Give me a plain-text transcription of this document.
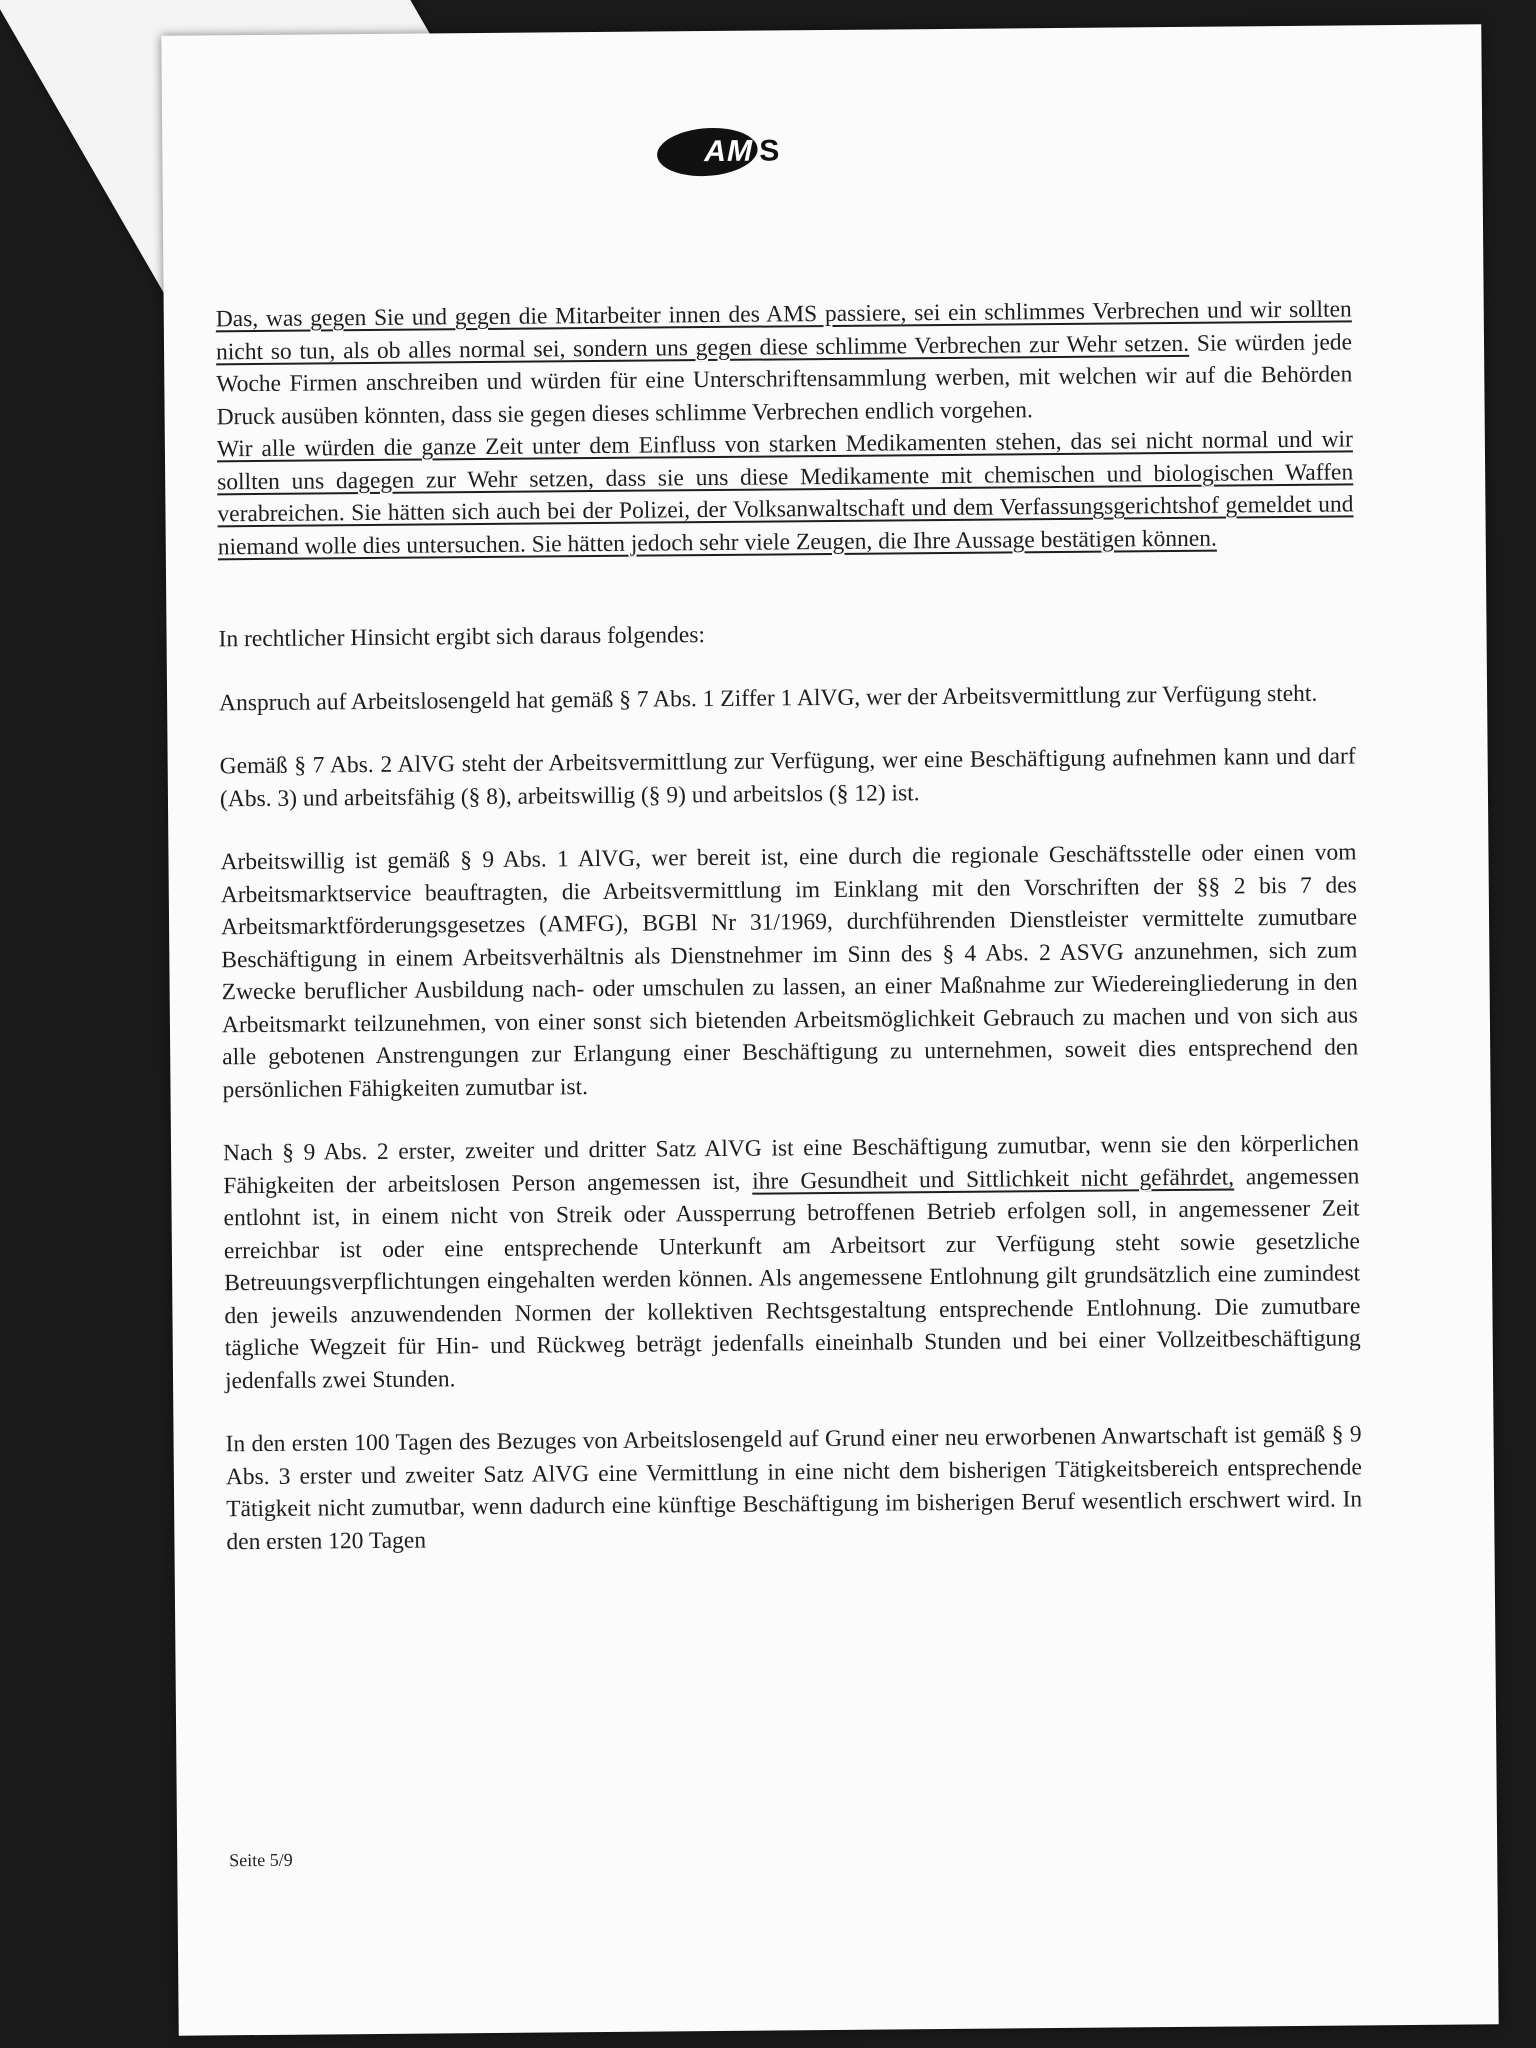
AM S

Das, was gegen Sie und gegen die Mitarbeiter innen des AMS passiere, sei ein schlimmes Verbrechen und wir sollten nicht so tun, als ob alles normal sei, sondern uns gegen diese schlimme Verbrechen zur Wehr setzen. Sie würden jede Woche Firmen anschreiben und würden für eine Unterschriftensammlung werben, mit welchen wir auf die Behörden Druck ausüben könnten, dass sie gegen dieses schlimme Verbrechen endlich vorgehen.

Wir alle würden die ganze Zeit unter dem Einfluss von starken Medikamenten stehen, das sei nicht normal und wir sollten uns dagegen zur Wehr setzen, dass sie uns diese Medikamente mit chemischen und biologischen Waffen verabreichen. Sie hätten sich auch bei der Polizei, der Volksanwaltschaft und dem Verfassungsgerichtshof gemeldet und niemand wolle dies untersuchen. Sie hätten jedoch sehr viele Zeugen, die Ihre Aussage bestätigen können.

In rechtlicher Hinsicht ergibt sich daraus folgendes:

Anspruch auf Arbeitslosengeld hat gemäß § 7 Abs. 1 Ziffer 1 AlVG, wer der Arbeitsvermittlung zur Verfügung steht.

Gemäß § 7 Abs. 2 AlVG steht der Arbeitsvermittlung zur Verfügung, wer eine Beschäftigung aufnehmen kann und darf (Abs. 3) und arbeitsfähig (§ 8), arbeitswillig (§ 9) und arbeitslos (§ 12) ist.

Arbeitswillig ist gemäß § 9 Abs. 1 AlVG, wer bereit ist, eine durch die regionale Geschäftsstelle oder einen vom Arbeitsmarktservice beauftragten, die Arbeitsvermittlung im Einklang mit den Vorschriften der §§ 2 bis 7 des Arbeitsmarktförderungsgesetzes (AMFG), BGBl Nr 31/1969, durchführenden Dienstleister vermittelte zumutbare Beschäftigung in einem Arbeitsverhältnis als Dienstnehmer im Sinn des § 4 Abs. 2 ASVG anzunehmen, sich zum Zwecke beruflicher Ausbildung nach- oder umschulen zu lassen, an einer Maßnahme zur Wiedereingliederung in den Arbeitsmarkt teilzunehmen, von einer sonst sich bietenden Arbeitsmöglichkeit Gebrauch zu machen und von sich aus alle gebotenen Anstrengungen zur Erlangung einer Beschäftigung zu unternehmen, soweit dies entsprechend den persönlichen Fähigkeiten zumutbar ist.

Nach § 9 Abs. 2 erster, zweiter und dritter Satz AlVG ist eine Beschäftigung zumutbar, wenn sie den körperlichen Fähigkeiten der arbeitslosen Person angemessen ist, ihre Gesundheit und Sittlichkeit nicht gefährdet, angemessen entlohnt ist, in einem nicht von Streik oder Aussperrung betroffenen Betrieb erfolgen soll, in angemessener Zeit erreichbar ist oder eine entsprechende Unterkunft am Arbeitsort zur Verfügung steht sowie gesetzliche Betreuungsverpflichtungen eingehalten werden können. Als angemessene Entlohnung gilt grundsätzlich eine zumindest den jeweils anzuwendenden Normen der kollektiven Rechtsgestaltung entsprechende Entlohnung. Die zumutbare tägliche Wegzeit für Hin- und Rückweg beträgt jedenfalls eineinhalb Stunden und bei einer Vollzeitbeschäftigung jedenfalls zwei Stunden.

In den ersten 100 Tagen des Bezuges von Arbeitslosengeld auf Grund einer neu erworbenen Anwartschaft ist gemäß § 9 Abs. 3 erster und zweiter Satz AlVG eine Vermittlung in eine nicht dem bisherigen Tätigkeitsbereich entsprechende Tätigkeit nicht zumutbar, wenn dadurch eine künftige Beschäftigung im bisherigen Beruf wesentlich erschwert wird. In den ersten 120 Tagen

Seite 5/9
